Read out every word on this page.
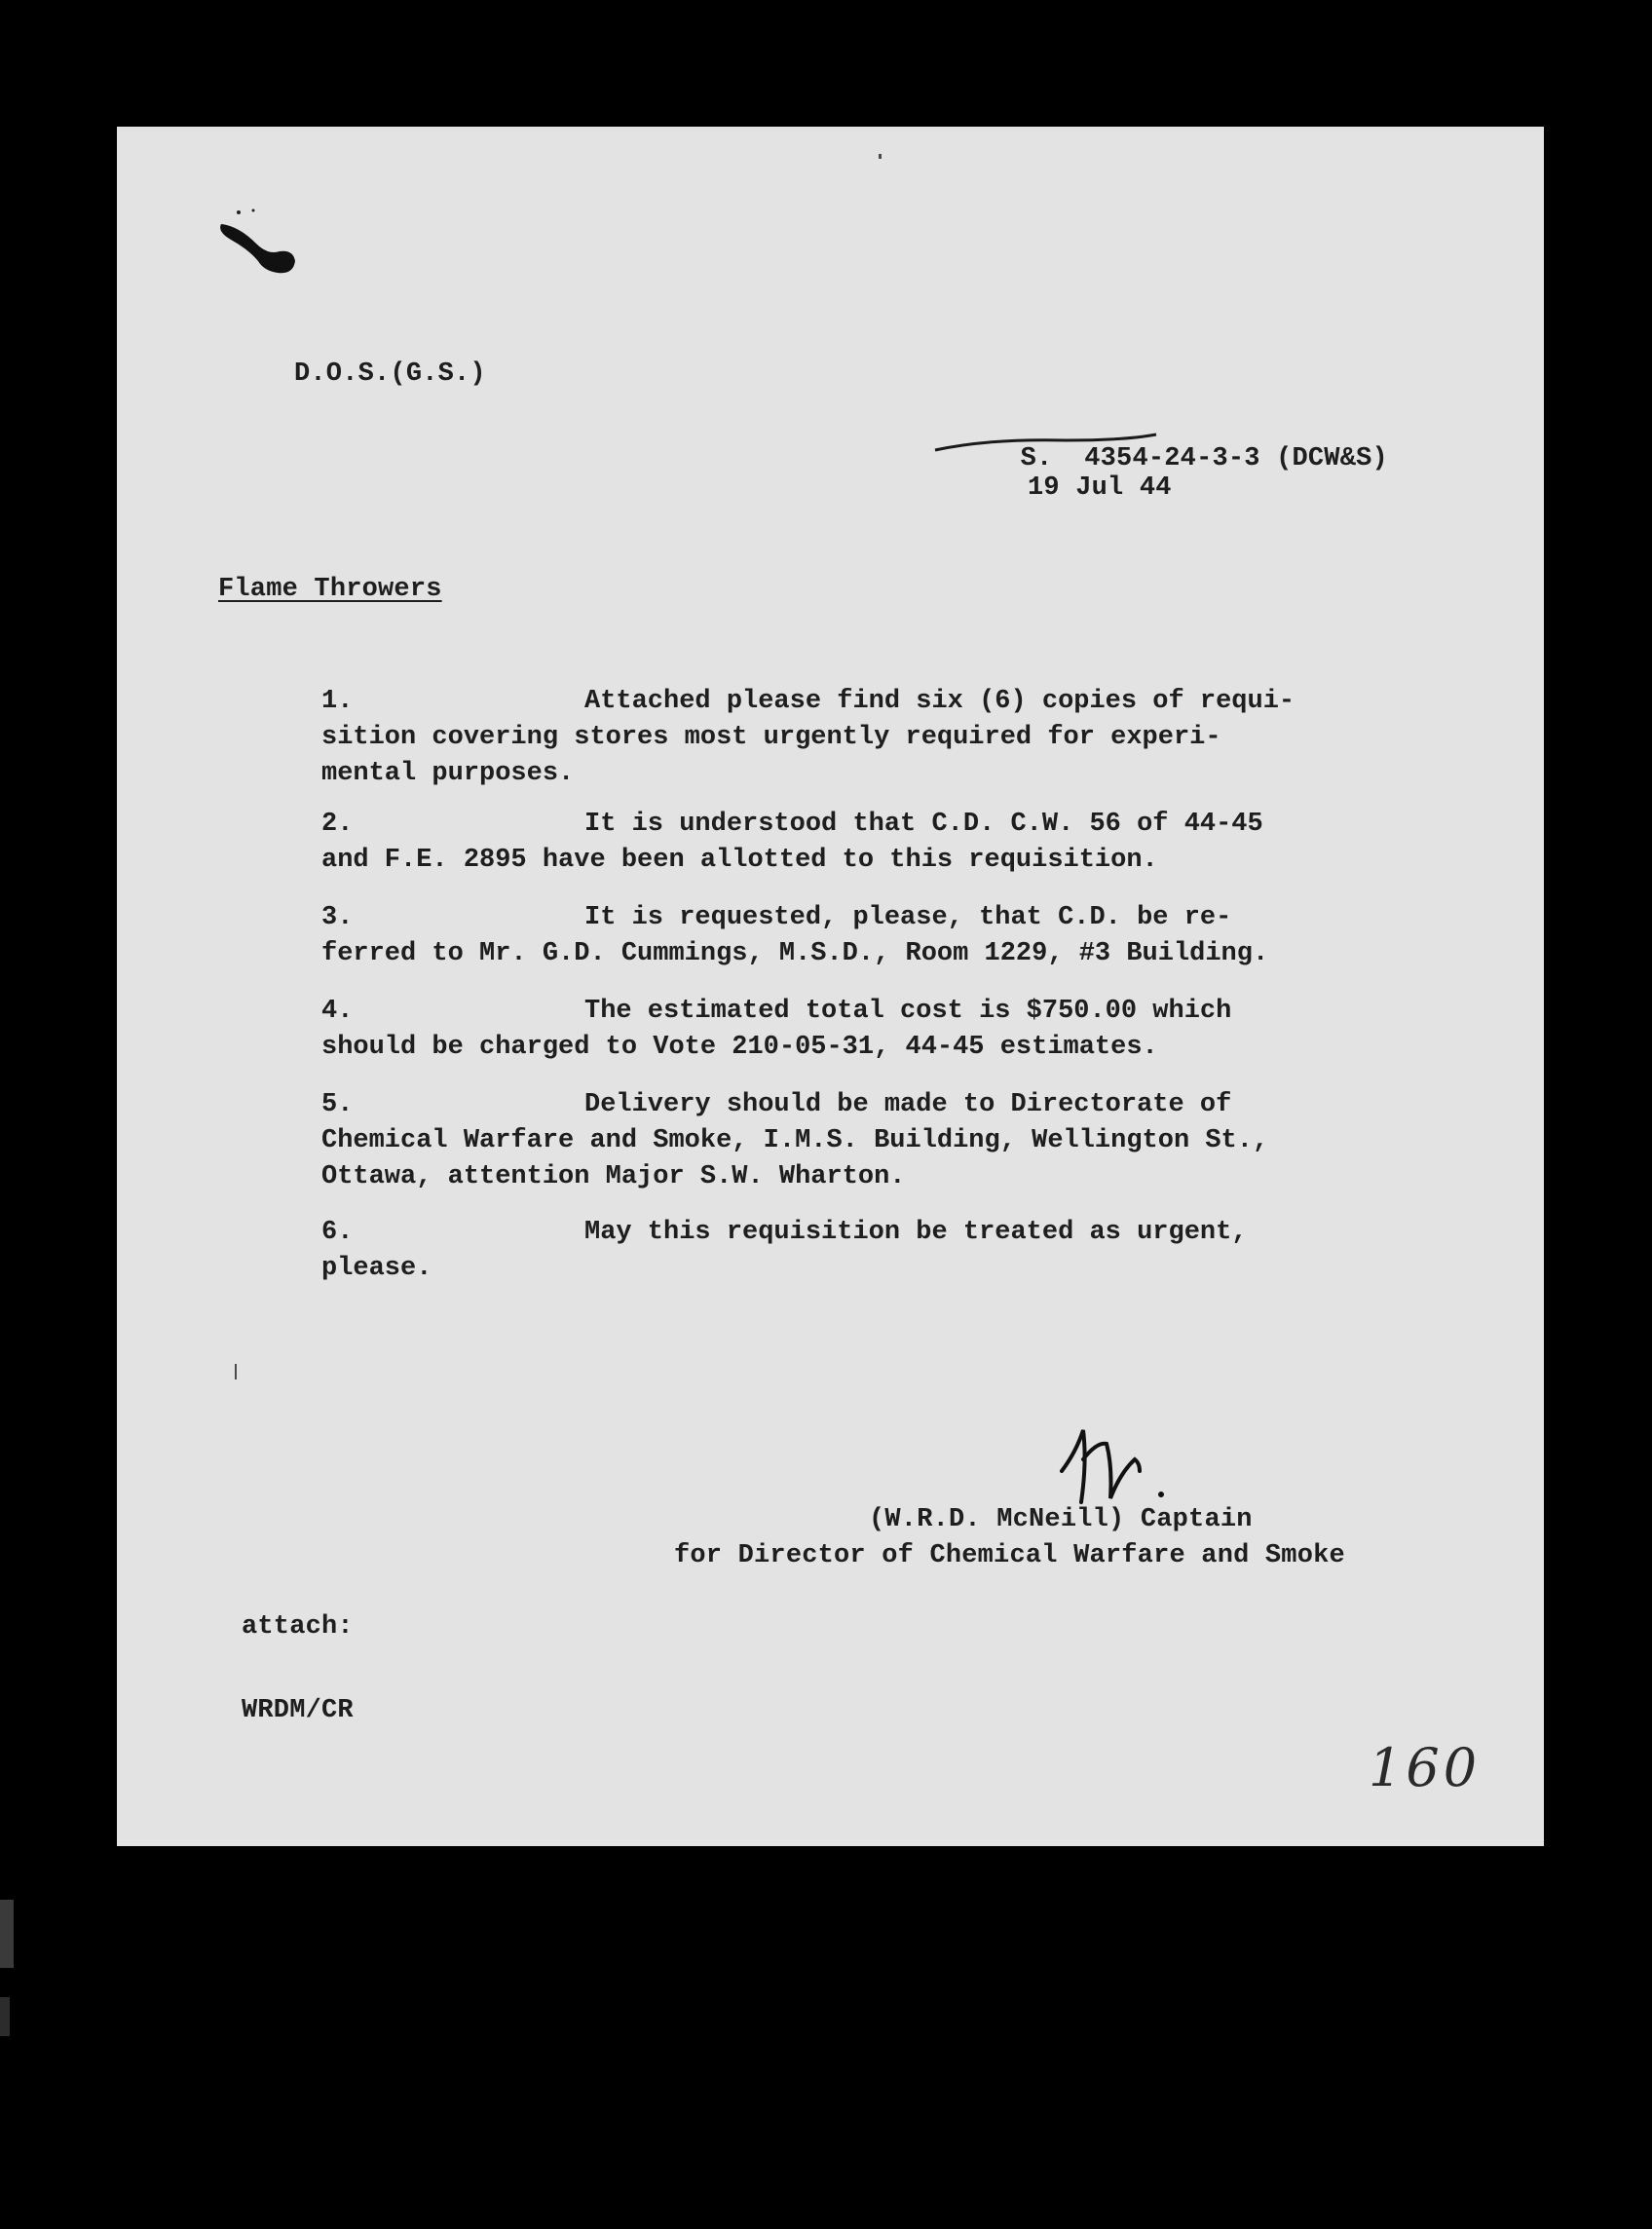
D.O.S.(G.S.)

S. 4354-24-3-3 (DCW&S)

19 Jul 44
Flame Throwers
1.	Attached please find six (6) copies of requi-
sition covering stores most urgently required for experi-
mental purposes.
2.	It is understood that C.D. C.W. 56 of 44-45
and F.E. 2895 have been allotted to this requisition.
3.	It is requested, please, that C.D. be re-
ferred to Mr. G.D. Cummings, M.S.D., Room 1229, #3 Building.
4.	The estimated total cost is $750.00 which
should be charged to Vote 210-05-31, 44-45 estimates.
5.	Delivery should be made to Directorate of
Chemical Warfare and Smoke, I.M.S. Building, Wellington St.,
Ottawa, attention Major S.W. Wharton.
6.	May this requisition be treated as urgent,
please.
(W.R.D. McNeill) Captain
for Director of Chemical Warfare and Smoke
attach:
WRDM/CR
160
